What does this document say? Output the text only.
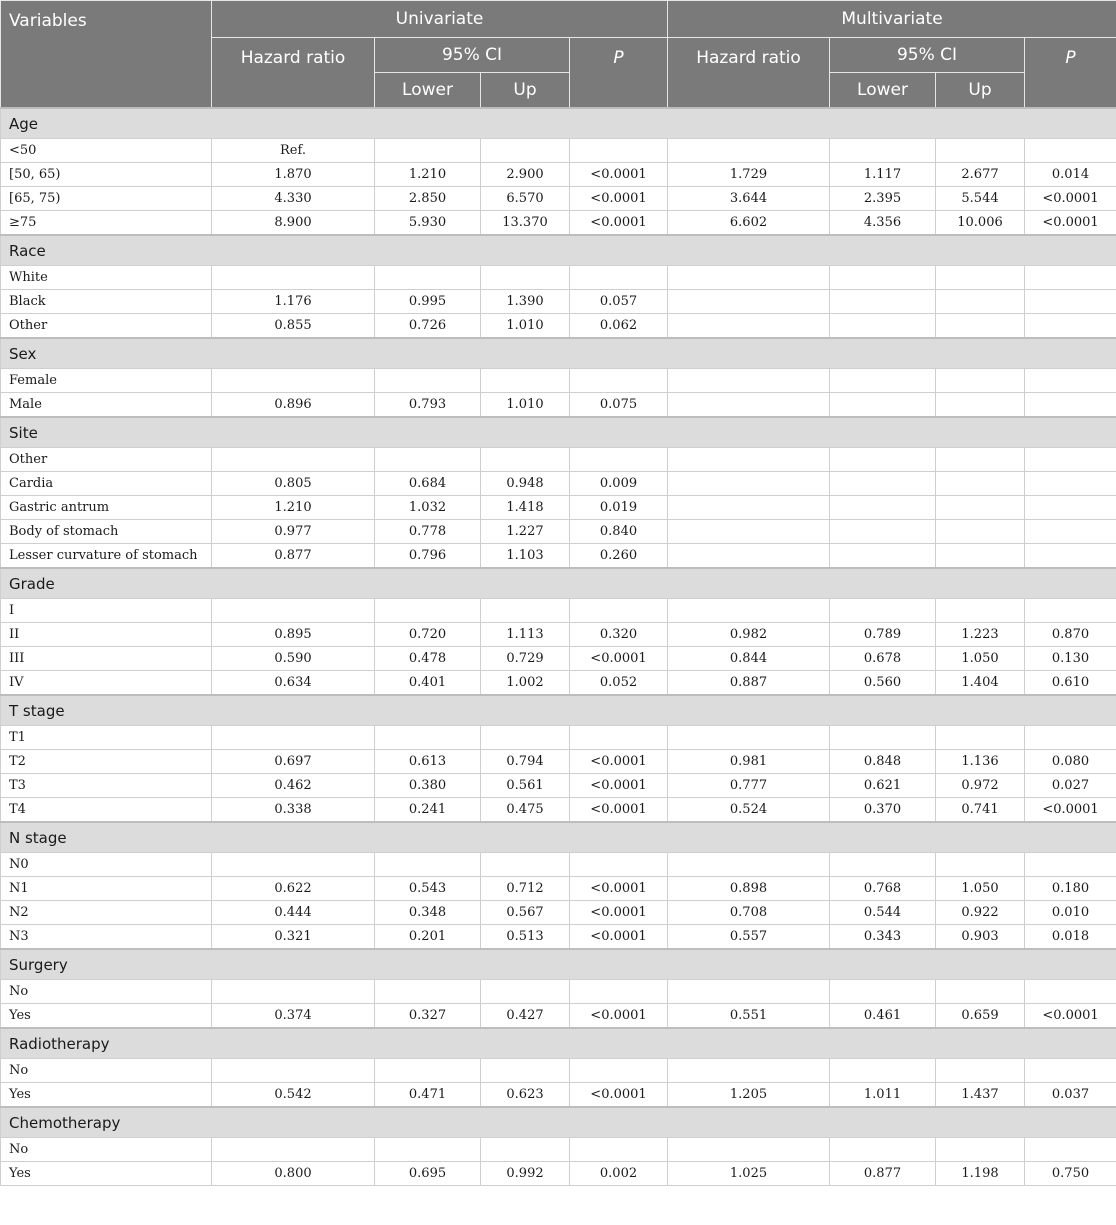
Variables	Univariate				Multivariate			
	Hazard ratio	95% CI		P	Hazard ratio	95% CI		P
		Lower	Up			Lower	Up	
Age								
<50	Ref.							
[50, 65)	1.870	1.210	2.900	<0.0001	1.729	1.117	2.677	0.014
[65, 75)	4.330	2.850	6.570	<0.0001	3.644	2.395	5.544	<0.0001
≥75	8.900	5.930	13.370	<0.0001	6.602	4.356	10.006	<0.0001
Race								
White								
Black	1.176	0.995	1.390	0.057				
Other	0.855	0.726	1.010	0.062				
Sex								
Female								
Male	0.896	0.793	1.010	0.075				
Site								
Other								
Cardia	0.805	0.684	0.948	0.009				
Gastric antrum	1.210	1.032	1.418	0.019				
Body of stomach	0.977	0.778	1.227	0.840				
Lesser curvature of stomach	0.877	0.796	1.103	0.260				
Grade								
I								
II	0.895	0.720	1.113	0.320	0.982	0.789	1.223	0.870
III	0.590	0.478	0.729	<0.0001	0.844	0.678	1.050	0.130
IV	0.634	0.401	1.002	0.052	0.887	0.560	1.404	0.610
T stage								
T1								
T2	0.697	0.613	0.794	<0.0001	0.981	0.848	1.136	0.080
T3	0.462	0.380	0.561	<0.0001	0.777	0.621	0.972	0.027
T4	0.338	0.241	0.475	<0.0001	0.524	0.370	0.741	<0.0001
N stage								
N0								
N1	0.622	0.543	0.712	<0.0001	0.898	0.768	1.050	0.180
N2	0.444	0.348	0.567	<0.0001	0.708	0.544	0.922	0.010
N3	0.321	0.201	0.513	<0.0001	0.557	0.343	0.903	0.018
Surgery								
No								
Yes	0.374	0.327	0.427	<0.0001	0.551	0.461	0.659	<0.0001
Radiotherapy								
No								
Yes	0.542	0.471	0.623	<0.0001	1.205	1.011	1.437	0.037
Chemotherapy								
No								
Yes	0.800	0.695	0.992	0.002	1.025	0.877	1.198	0.750
